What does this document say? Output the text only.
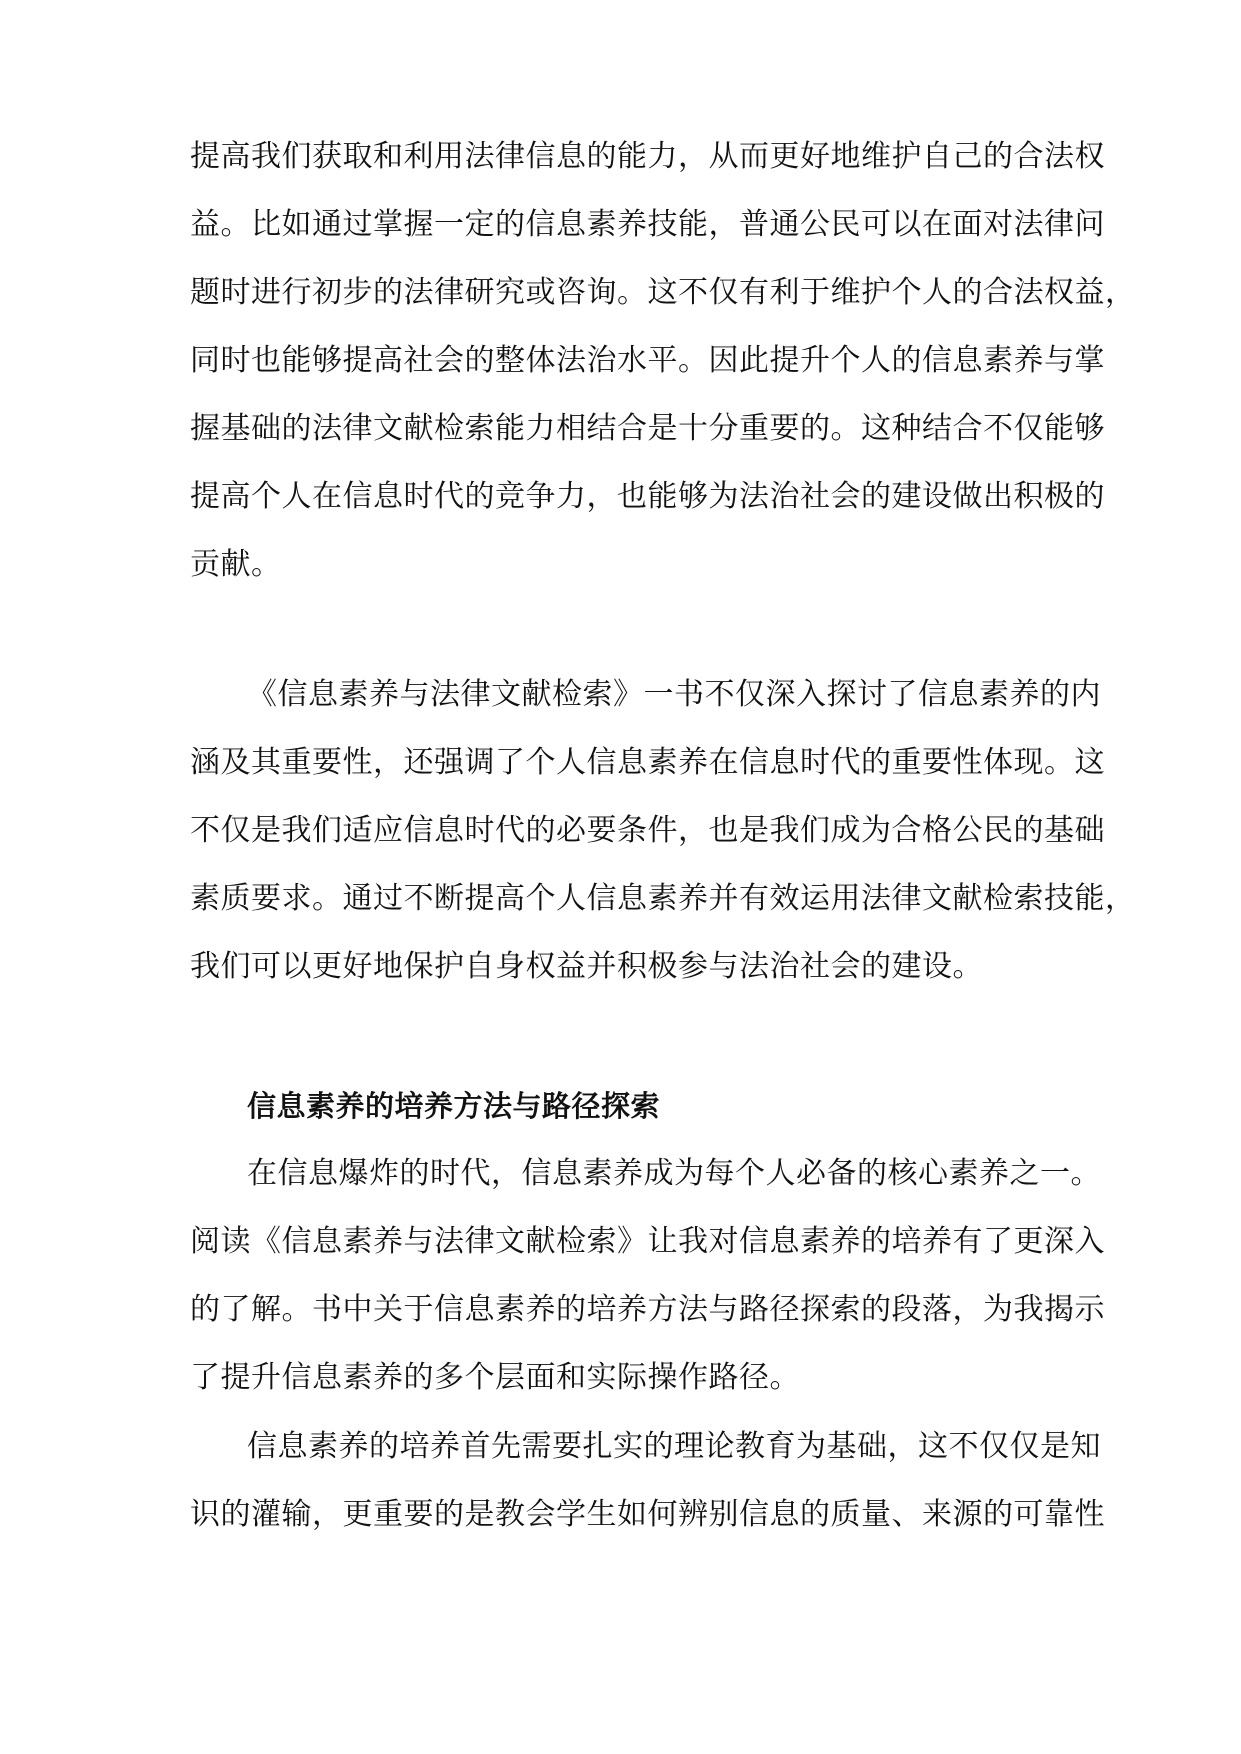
提高我们获取和利用法律信息的能力，从而更好地维护自己的合法权
益。比如通过掌握一定的信息素养技能，普通公民可以在面对法律问
题时进行初步的法律研究或咨询。这不仅有利于维护个人的合法权益，
同时也能够提高社会的整体法治水平。因此提升个人的信息素养与掌
握基础的法律文献检索能力相结合是十分重要的。这种结合不仅能够
提高个人在信息时代的竞争力，也能够为法治社会的建设做出积极的
贡献。
《信息素养与法律文献检索》一书不仅深入探讨了信息素养的内
涵及其重要性，还强调了个人信息素养在信息时代的重要性体现。这
不仅是我们适应信息时代的必要条件，也是我们成为合格公民的基础
素质要求。通过不断提高个人信息素养并有效运用法律文献检索技能，
我们可以更好地保护自身权益并积极参与法治社会的建设。
信息素养的培养方法与路径探索
在信息爆炸的时代，信息素养成为每个人必备的核心素养之一。
阅读《信息素养与法律文献检索》让我对信息素养的培养有了更深入
的了解。书中关于信息素养的培养方法与路径探索的段落，为我揭示
了提升信息素养的多个层面和实际操作路径。
信息素养的培养首先需要扎实的理论教育为基础，这不仅仅是知
识的灌输，更重要的是教会学生如何辨别信息的质量、来源的可靠性
